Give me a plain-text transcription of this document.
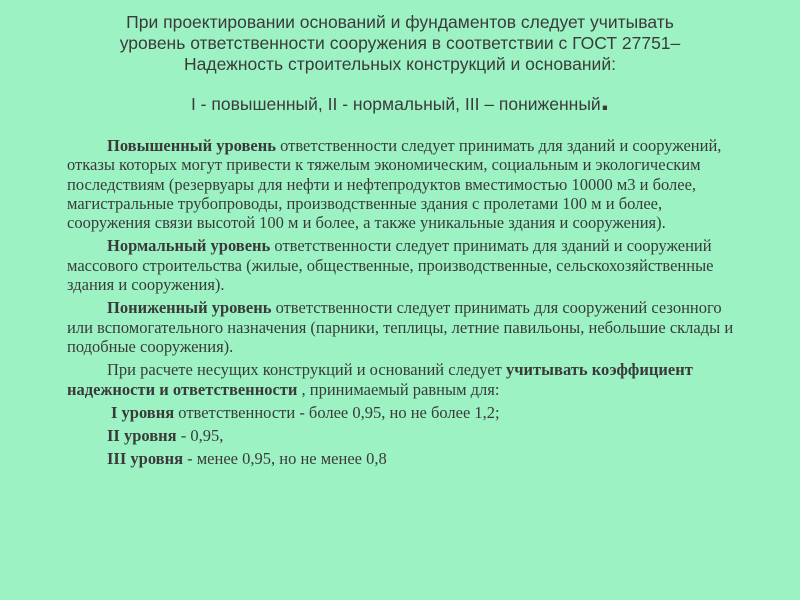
При проектировании оснований и фундаментов следует учитывать
уровень ответственности сооружения в соответствии с ГОСТ 27751–
Надежность строительных конструкций и оснований:
I - повышенный, II - нормальный, III – пониженный.

Повышенный уровень ответственности следует принимать для зданий и сооружений, отказы которых могут привести к тяжелым экономическим, социальным и экологическим последствиям (резервуары для нефти и нефтепродуктов вместимостью 10000 м3 и более, магистральные трубопроводы, производственные здания с пролетами 100 м и более, сооружения связи высотой 100 м и более, а также уникальные здания и сооружения).

Нормальный уровень ответственности следует принимать для зданий и сооружений массового строительства (жилые, общественные, производственные, сельскохозяйственные здания и сооружения).

Пониженный уровень ответственности следует принимать для сооружений сезонного или вспомогательного назначения (парники, теплицы, летние павильоны, небольшие склады и подобные сооружения).

При расчете несущих конструкций и оснований следует учитывать коэффициент надежности и ответственности , принимаемый равным для:

I уровня ответственности - более 0,95, но не более 1,2;
II уровня - 0,95,
III уровня - менее 0,95, но не менее 0,8
